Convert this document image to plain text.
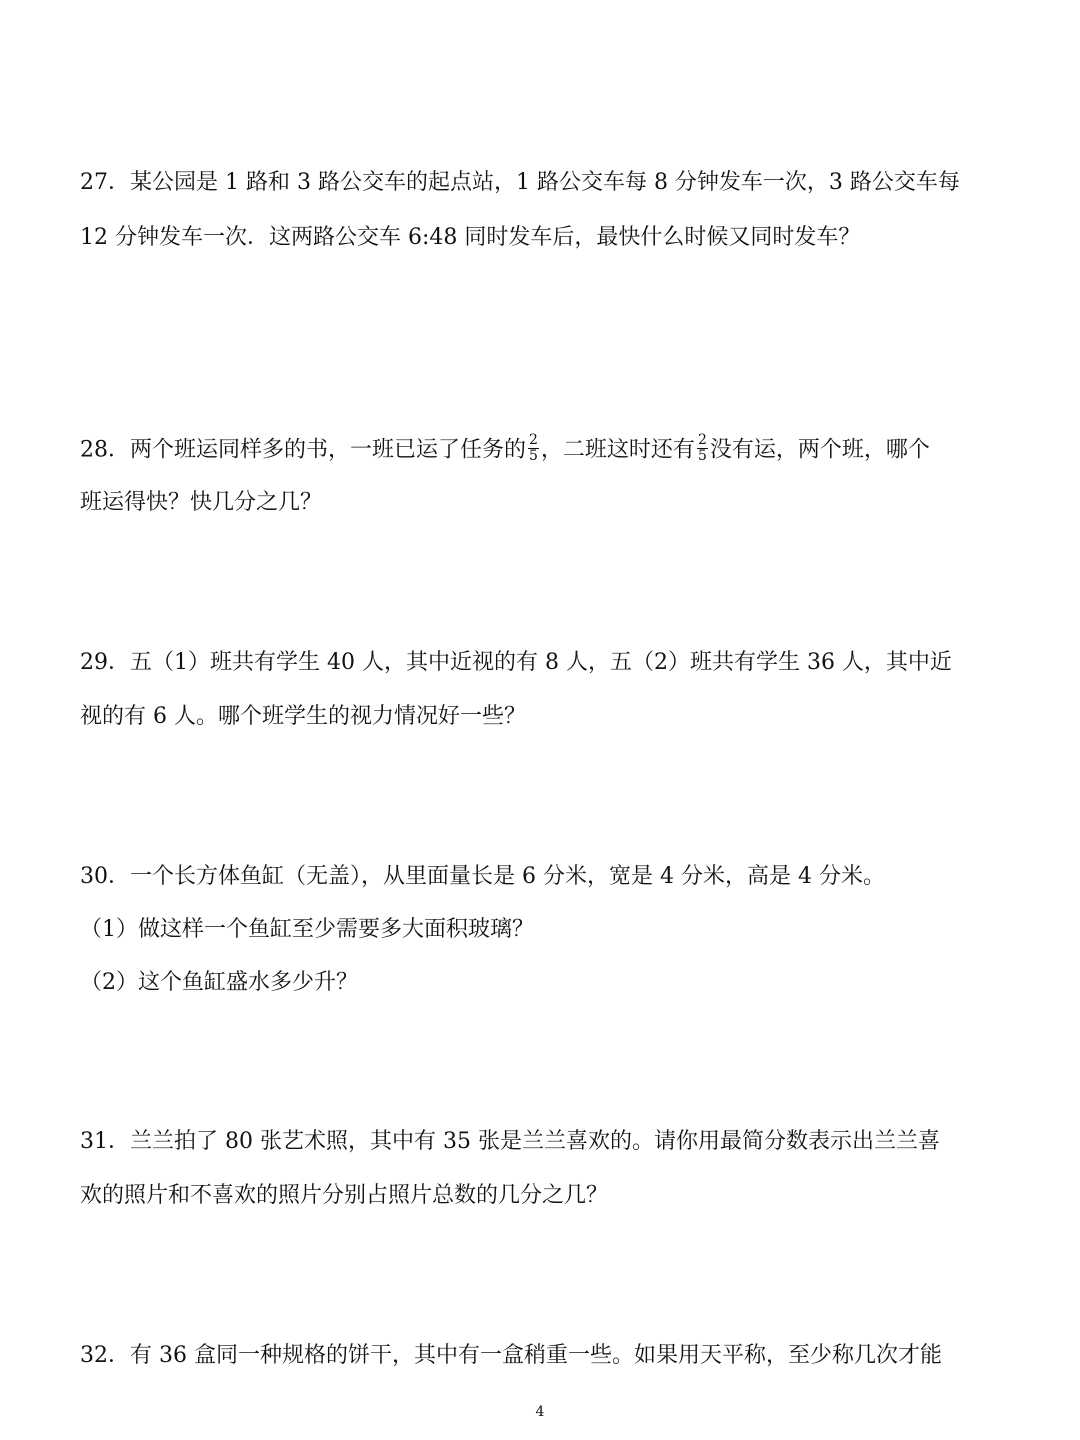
27．某公园是 1 路和 3 路公交车的起点站，1 路公交车每 8 分钟发车一次，3 路公交车每
12 分钟发车一次．这两路公交车 6:48 同时发车后，最快什么时候又同时发车？
28．两个班运同样多的书，一班已运了任务的 $\frac{2}{5}$ ，二班这时还有 $\frac{2}{5}$ 没有运，两个班，哪个
班运得快？快几分之几？
29．五（1）班共有学生 40 人，其中近视的有 8 人，五（2）班共有学生 36 人，其中近
视的有 6 人。哪个班学生的视力情况好一些？
30．一个长方体鱼缸（无盖），从里面量长是 6 分米，宽是 4 分米，高是 4 分米。
（1）做这样一个鱼缸至少需要多大面积玻璃？
（2）这个鱼缸盛水多少升？
31．兰兰拍了 80 张艺术照，其中有 35 张是兰兰喜欢的。请你用最简分数表示出兰兰喜
欢的照片和不喜欢的照片分别占照片总数的几分之几？
32．有 36 盒同一种规格的饼干，其中有一盒稍重一些。如果用天平称，至少称几次才能
4
